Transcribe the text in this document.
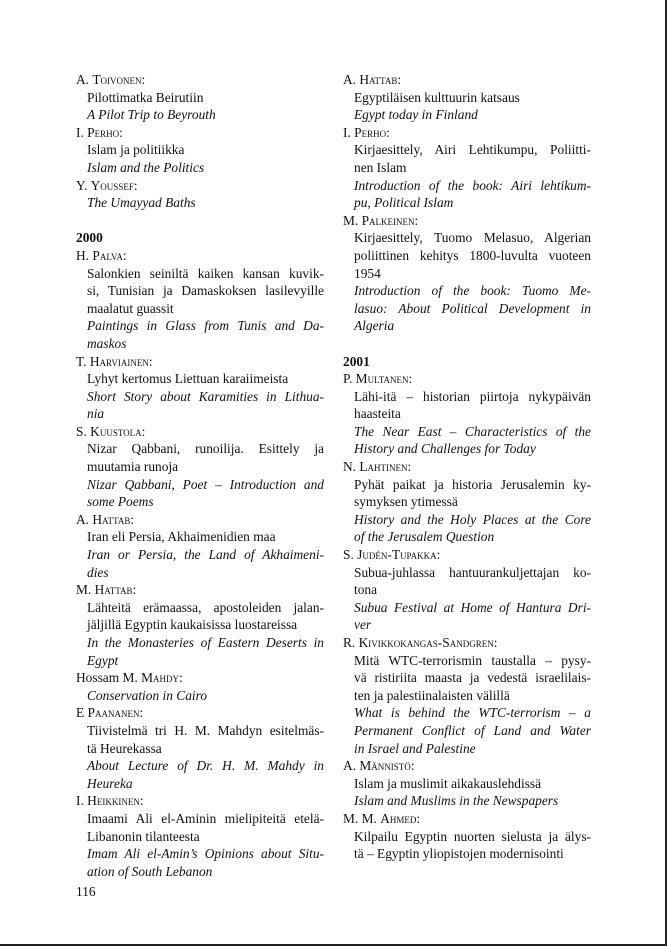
A. Toivonen:
Pilottimatka Beirutiin
A Pilot Trip to Beyrouth
I. Perho:
Islam ja politiikka
Islam and the Politics
Y. Youssef:
The Umayyad Baths
2000
H. Palva:
Salonkien seiniltä kaiken kansan kuvik-
si, Tunisian ja Damaskoksen lasilevyille
maalatut guassit
Paintings in Glass from Tunis and Da-
maskos
T. Harviainen:
Lyhyt kertomus Liettuan karaiimeista
Short Story about Karamities in Lithua-
nia
S. Kuustola:
Nizar Qabbani, runoilija. Esittely ja
muutamia runoja
Nizar Qabbani, Poet – Introduction and
some Poems
A. Hattab:
Iran eli Persia, Akhaimenidien maa
Iran or Persia, the Land of Akhaimeni-
dies
M. Hattab:
Lähteitä erämaassa, apostoleiden jalan-
jäljillä Egyptin kaukaisissa luostareissa
In the Monasteries of Eastern Deserts in
Egypt
Hossam M. Mahdy:
Conservation in Cairo
E Paananen:
Tiivistelmä tri H. M. Mahdyn esitelmäs-
tä Heurekassa
About Lecture of Dr. H. M. Mahdy in
Heureka
I. Heikkinen:
Imaami Ali el-Aminin mielipiteitä etelä-
Libanonin tilanteesta
Imam Ali el-Amin’s Opinions about Situ-
ation of South Lebanon
A. Hattab:
Egyptiläisen kulttuurin katsaus
Egypt today in Finland
I. Perho:
Kirjaesittely, Airi Lehtikumpu, Poliitti-
nen Islam
Introduction of the book: Airi lehtikum-
pu, Political Islam
M. Palkeinen:
Kirjaesittely, Tuomo Melasuo, Algerian
poliittinen kehitys 1800-luvulta vuoteen
1954
Introduction of the book: Tuomo Me-
lasuo: About Political Development in
Algeria
2001
P. Multanen:
Lähi-itä – historian piirtoja nykypäivän
haasteita
The Near East – Characteristics of the
History and Challenges for Today
N. Lahtinen:
Pyhät paikat ja historia Jerusalemin ky-
symyksen ytimessä
History and the Holy Places at the Core
of the Jerusalem Question
S. Judén-Tupakka:
Subua-juhlassa hantuurankuljettajan ko-
tona
Subua Festival at Home of Hantura Dri-
ver
R. Kivikkokangas-Sandgren:
Mitä WTC-terrorismin taustalla – pysy-
vä ristiriita maasta ja vedestä israelilais-
ten ja palestiinalaisten välillä
What is behind the WTC-terrorism – a
Permanent Conflict of Land and Water
in Israel and Palestine
A. Männistö:
Islam ja muslimit aikakauslehdissä
Islam and Muslims in the Newspapers
M. M. Ahmed:
Kilpailu Egyptin nuorten sielusta ja älys-
tä – Egyptin yliopistojen modernisointi
116
